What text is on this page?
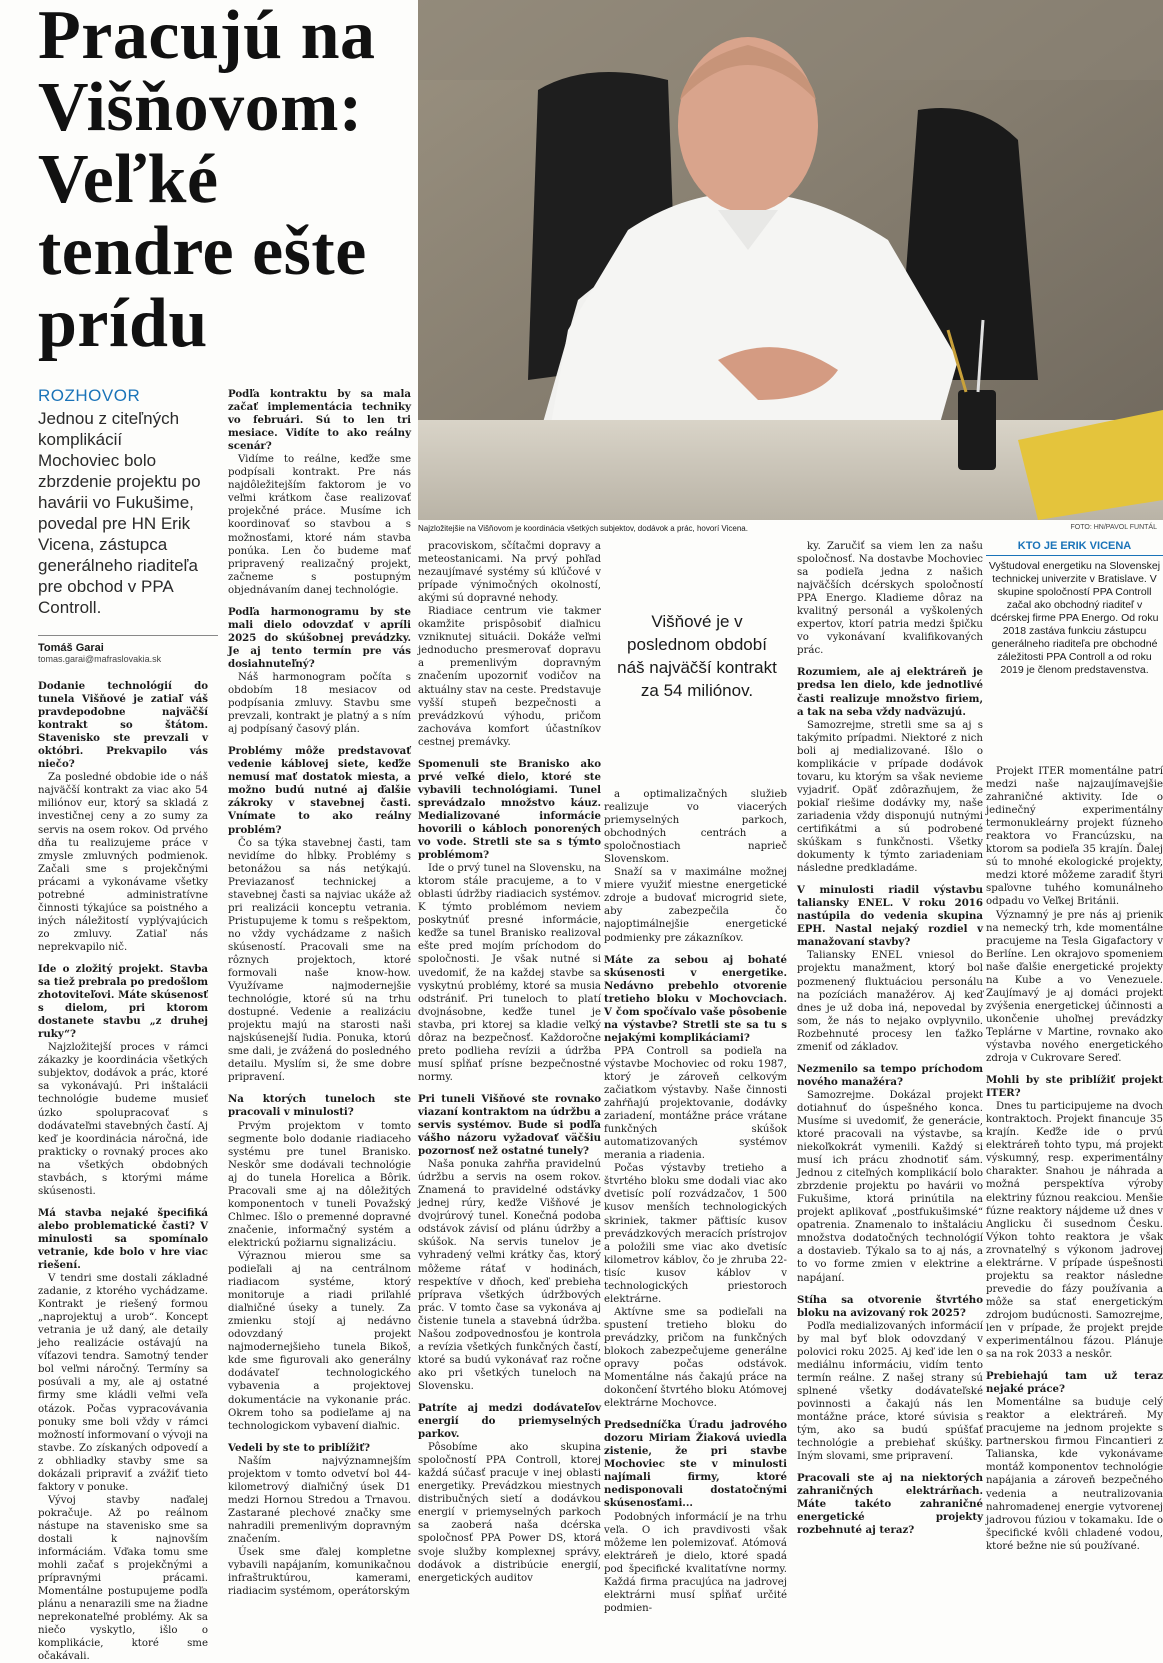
Pracujú na Višňovom: Veľké tendre ešte prídu
ROZHOVOR
Jednou z citeľných komplikácií Mochoviec bolo zbrzdenie projektu po havárii vo Fukušime, povedal pre HN Erik Vicena, zástupca generálneho riaditeľa pre obchod v PPA Controll.
Tomáš Garai
tomas.garai@mafraslovakia.sk
Najzložitejšie na Višňovom je koordinácia všetkých subjektov, dodávok a prác, hovorí Vicena.	FOTO: HN/PAVOL FUNTÁL

Dodanie technológií do tunela Višňové je zatiaľ váš pravdepodobne najväčší kontrakt so štátom. Stavenisko ste prevzali v októbri. Prekvapilo vás niečo?

Za posledné obdobie ide o náš najväčší kontrakt za viac ako 54 miliónov eur, ktorý sa skladá z investičnej ceny a zo sumy za servis na osem rokov. Od prvého dňa tu realizujeme práce v zmysle zmluvných podmienok. Začali sme s projekčnými prácami a vykonávame všetky potrebné administratívne činnosti týkajúce sa poistného a iných náležitostí vyplývajúcich zo zmluvy. Zatiaľ nás neprekvapilo nič.

Ide o zložitý projekt. Stavba sa tiež prebrala po predošlom zhotoviteľovi. Máte skúsenosť s dielom, pri ktorom dostanete stavbu „z druhej ruky“?

Najzložitejší proces v rámci zákazky je koordinácia všetkých subjektov, dodávok a prác, ktoré sa vykonávajú. Pri inštalácii technológie budeme musieť úzko spolupracovať s dodávateľmi stavebných častí. Aj keď je koordinácia náročná, ide prakticky o rovnaký proces ako na všetkých obdobných stavbách, s ktorými máme skúsenosti.

Má stavba nejaké špecifiká alebo problematické časti? V minulosti sa spomínalo vetranie, kde bolo v hre viac riešení.

V tendri sme dostali základné zadanie, z ktorého vychádzame. Kontrakt je riešený formou „naprojektuj a urob“. Koncept vetrania je už daný, ale detaily jeho realizácie ostávajú na víťazovi tendra. Samotný tender bol veľmi náročný. Termíny sa posúvali a my, ale aj ostatné firmy sme kládli veľmi veľa otázok. Počas vypracovávania ponuky sme boli vždy v rámci možností informovaní o vývoji na stavbe. Zo získaných odpovedí a z obhliadky stavby sme sa dokázali pripraviť a zvážiť tieto faktory v ponuke.

Vývoj stavby naďalej pokračuje. Až po reálnom nástupe na stavenisko sme sa dostali k najnovším informáciám. Vďaka tomu sme mohli začať s projekčnými a prípravnými prácami. Momentálne postupujeme podľa plánu a nenarazili sme na žiadne neprekonateľné problémy. Ak sa niečo vyskytlo, išlo o komplikácie, ktoré sme očakávali.

Podľa kontraktu by sa mala začať implementácia techniky vo februári. Sú to len tri mesiace. Vidíte to ako reálny scenár?

Vidíme to reálne, keďže sme podpísali kontrakt. Pre nás najdôležitejším faktorom je vo veľmi krátkom čase realizovať projekčné práce. Musíme ich koordinovať so stavbou a s možnosťami, ktoré nám stavba ponúka. Len čo budeme mať pripravený realizačný projekt, začneme s postupným objednávaním danej technológie.

Podľa harmonogramu by ste mali dielo odovzdať v apríli 2025 do skúšobnej prevádzky. Je aj tento termín pre vás dosiahnuteľný?

Náš harmonogram počíta s obdobím 18 mesiacov od podpísania zmluvy. Stavbu sme prevzali, kontrakt je platný a s ním aj podpísaný časový plán.

Problémy môže predstavovať vedenie káblovej siete, keďže nemusí mať dostatok miesta, a možno budú nutné aj ďalšie zákroky v stavebnej časti. Vnímate to ako reálny problém?

Čo sa týka stavebnej časti, tam nevidíme do hĺbky. Problémy s betonážou sa nás netýkajú. Previazanosť technickej a stavebnej časti sa najviac ukáže až pri realizácii konceptu vetrania. Pristupujeme k tomu s rešpektom, no vždy vychádzame z našich skúseností. Pracovali sme na rôznych projektoch, ktoré formovali naše know-how. Využívame najmodernejšie technológie, ktoré sú na trhu dostupné. Vedenie a realizáciu projektu majú na starosti naši najskúsenejší ľudia. Ponuka, ktorú sme dali, je zvážená do posledného detailu. Myslím si, že sme dobre pripravení.

Na ktorých tuneloch ste pracovali v minulosti?

Prvým projektom v tomto segmente bolo dodanie riadiaceho systému pre tunel Branisko. Neskôr sme dodávali technológie aj do tunela Horelica a Bôrik. Pracovali sme aj na dôležitých komponentoch v tuneli Považský Chlmec. Išlo o premenné dopravné značenie, informačný systém a elektrickú požiarnu signalizáciu.

Výraznou mierou sme sa podieľali aj na centrálnom riadiacom systéme, ktorý monitoruje a riadi priľahlé diaľničné úseky a tunely. Za zmienku stojí aj nedávno odovzdaný projekt najmodernejšieho tunela Bikoš, kde sme figurovali ako generálny dodávateľ technologického vybavenia a projektovej dokumentácie na vykonanie prác. Okrem toho sa podieľame aj na technologickom vybavení diaľnic.

Vedeli by ste to priblížiť?

Naším najvýznamnejším projektom v tomto odvetví bol 44-kilometrový diaľničný úsek D1 medzi Hornou Stredou a Trnavou. Zastarané plechové značky sme nahradili premenlivým dopravným značením.

Úsek sme ďalej kompletne vybavili napájaním, komunikačnou infraštruktúrou, kamerami, riadiacim systémom, operátorským

pracoviskom, sčítačmi dopravy a meteostanicami. Na prvý pohľad nezaujímavé systémy sú kľúčové v prípade výnimočných okolností, akými sú dopravné nehody.

Riadiace centrum vie takmer okamžite prispôsobiť diaľnicu vzniknutej situácii. Dokáže veľmi jednoducho presmerovať dopravu a premenlivým dopravným značením upozorniť vodičov na aktuálny stav na ceste. Predstavuje vyšší stupeň bezpečnosti a prevádzkovú výhodu, pričom zachováva komfort účastníkov cestnej premávky.

Spomenuli ste Branisko ako prvé veľké dielo, ktoré ste vybavili technológiami. Tunel sprevádzalo množstvo káuz. Medializované informácie hovorili o kábloch ponorených vo vode. Stretli ste sa s týmto problémom?

Ide o prvý tunel na Slovensku, na ktorom stále pracujeme, a to v oblasti údržby riadiacich systémov. K týmto problémom neviem poskytnúť presné informácie, keďže sa tunel Branisko realizoval ešte pred mojím príchodom do spoločnosti. Je však nutné si uvedomiť, že na každej stavbe sa vyskytnú problémy, ktoré sa musia odstrániť. Pri tuneloch to platí dvojnásobne, keďže tunel je stavba, pri ktorej sa kladie veľký dôraz na bezpečnosť. Každoročne preto podlieha revízii a údržba musí spĺňať prísne bezpečnostné normy.

Pri tuneli Višňové ste rovnako viazaní kontraktom na údržbu a servis systémov. Bude si podľa vášho názoru vyžadovať väčšiu pozornosť než ostatné tunely?

Naša ponuka zahŕňa pravidelnú údržbu a servis na osem rokov. Znamená to pravidelné odstávky jednej rúry, keďže Višňové je dvojrúrový tunel. Konečná podoba odstávok závisí od plánu údržby a skúšok. Na servis tunelov je vyhradený veľmi krátky čas, ktorý môžeme rátať v hodinách, respektíve v dňoch, keď prebieha príprava všetkých údržbových prác. V tomto čase sa vykonáva aj čistenie tunela a stavebná údržba. Našou zodpovednosťou je kontrola a revízia všetkých funkčných častí, ktoré sa budú vykonávať raz ročne ako pri všetkých tuneloch na Slovensku.

Patríte aj medzi dodávateľov energií do priemyselných parkov.

Pôsobíme ako skupina spoločností PPA Controll, ktorej každá súčasť pracuje v inej oblasti energetiky. Prevádzkou miestnych distribučných sietí a dodávkou energií v priemyselných parkoch sa zaoberá naša dcérska spoločnosť PPA Power DS, ktorá svoje služby komplexnej správy, dodávok a distribúcie energií, energetických auditov

a optimalizačných služieb realizuje vo viacerých priemyselných parkoch, obchodných centrách a spoločnostiach naprieč Slovenskom.

Snaží sa v maximálne možnej miere využiť miestne energetické zdroje a budovať microgrid siete, aby zabezpečila čo najoptimálnejšie energetické podmienky pre zákazníkov.

Máte za sebou aj bohaté skúsenosti v energetike. Nedávno prebehlo otvorenie tretieho bloku v Mochovciach. V čom spočívalo vaše pôsobenie na výstavbe? Stretli ste sa tu s nejakými komplikáciami?

PPA Controll sa podieľa na výstavbe Mochoviec od roku 1987, ktorý je zároveň celkovým začiatkom výstavby. Naše činnosti zahŕňajú projektovanie, dodávky zariadení, montážne práce vrátane funkčných skúšok automatizovaných systémov merania a riadenia.

Počas výstavby tretieho a štvrtého bloku sme dodali viac ako dvetisíc polí rozvádzačov, 1 500 kusov menších technologických skriniek, takmer päťtisíc kusov prevádzkových meracích prístrojov a položili sme viac ako dvetisíc kilometrov káblov, čo je zhruba 22-tisíc kusov káblov v technologických priestoroch elektrárne.

Aktívne sme sa podieľali na spustení tretieho bloku do prevádzky, pričom na funkčných blokoch zabezpečujeme generálne opravy počas odstávok. Momentálne nás čakajú práce na dokončení štvrtého bloku Atómovej elektrárne Mochovce.

Predsedníčka Úradu jadrového dozoru Miriam Žiaková uviedla zistenie, že pri stavbe Mochoviec ste v minulosti najímali firmy, ktoré nedisponovali dostatočnými skúsenosťami...

Podobných informácií je na trhu veľa. O ich pravdivosti však môžeme len polemizovať. Atómová elektráreň je dielo, ktoré spadá pod špecifické kvalitatívne normy. Každá firma pracujúca na jadrovej elektrárni musí spĺňať určité podmien-

ky. Zaručiť sa viem len za našu spoločnosť. Na dostavbe Mochoviec sa podieľa jedna z našich najväčších dcérskych spoločností PPA Energo. Kladieme dôraz na kvalitný personál a vyškolených expertov, ktorí patria medzi špičku vo vykonávaní kvalifikovaných prác.

Rozumiem, ale aj elektráreň je predsa len dielo, kde jednotlivé časti realizuje množstvo firiem, a tak na seba vždy nadväzujú.

Samozrejme, stretli sme sa aj s takýmito prípadmi. Niektoré z nich boli aj medializované. Išlo o komplikácie v prípade dodávok tovaru, ku ktorým sa však nevieme vyjadriť. Opäť zdôrazňujem, že pokiaľ riešime dodávky my, naše zariadenia vždy disponujú nutnými certifikátmi a sú podrobené skúškam s funkčnosti. Všetky dokumenty k týmto zariadeniam následne predkladáme.

V minulosti riadil výstavbu taliansky ENEL. V roku 2016 nastúpila do vedenia skupina EPH. Nastal nejaký rozdiel v manažovaní stavby?

Taliansky ENEL vniesol do projektu manažment, ktorý bol pozmenený fluktuáciou personálu na pozíciách manažérov. Aj keď dnes je už doba iná, nepovedal by som, že nás to nejako ovplyvnilo. Rozbehnuté procesy len ťažko zmeniť od základov.

Nezmenilo sa tempo príchodom nového manažéra?

Samozrejme. Dokázal projekt dotiahnuť do úspešného konca. Musíme si uvedomiť, že generácie, ktoré pracovali na výstavbe, sa niekoľkokrát vymenili. Každý si musí ich prácu zhodnotiť sám. Jednou z citeľných komplikácií bolo zbrzdenie projektu po havárii vo Fukušime, ktorá prinútila na projekt aplikovať „postfukušimské“ opatrenia. Znamenalo to inštaláciu množstva dodatočných technológií a dostavieb. Týkalo sa to aj nás, a to vo forme zmien v elektrine a napájaní.

Stíha sa otvorenie štvrtého bloku na avizovaný rok 2025?

Podľa medializovaných informácií by mal byť blok odovzdaný v polovici roku 2025. Aj keď ide len o mediálnu informáciu, vidím tento termín reálne. Z našej strany sú splnené všetky dodávateľské povinnosti a čakajú nás len montážne práce, ktoré súvisia s tým, ako sa budú spúšťať technológie a prebiehať skúšky. Iným slovami, sme pripravení.

Pracovali ste aj na niektorých zahraničných elektrárňach. Máte takéto zahraničné energetické projekty rozbehnuté aj teraz?

Projekt ITER momentálne patrí medzi naše najzaujímavejšie zahraničné aktivity. Ide o jedinečný experimentálny termonukleárny projekt fúzneho reaktora vo Francúzsku, na ktorom sa podieľa 35 krajín. Ďalej sú to mnohé ekologické projekty, medzi ktoré môžeme zaradiť štyri spaľovne tuhého komunálneho odpadu vo Veľkej Británii.

Významný je pre nás aj prienik na nemecký trh, kde momentálne pracujeme na Tesla Gigafactory v Berlíne. Len okrajovo spomeniem naše ďalšie energetické projekty na Kube a vo Venezuele. Zaujímavý je aj domáci projekt zvýšenia energetickej účinnosti a ukončenie uhoľnej prevádzky Teplárne v Martine, rovnako ako výstavba nového energetického zdroja v Cukrovare Sereď.

Mohli by ste priblížiť projekt ITER?

Dnes tu participujeme na dvoch kontraktoch. Projekt financuje 35 krajín. Keďže ide o prvú elektráreň tohto typu, má projekt výskumný, resp. experimentálny charakter. Snahou je náhrada a možná perspektíva výroby elektriny fúznou reakciou. Menšie fúzne reaktory nájdeme už dnes v Anglicku či susednom Česku. Výkon tohto reaktora je však zrovnateľný s výkonom jadrovej elektrárne. V prípade úspešnosti projektu sa reaktor následne prevedie do fázy používania a môže sa stať energetickým zdrojom budúcnosti. Samozrejme, len v prípade, že projekt prejde experimentálnou fázou. Plánuje sa na rok 2033 a neskôr.

Prebiehajú tam už teraz nejaké práce?

Momentálne sa buduje celý reaktor a elektráreň. My pracujeme na jednom projekte s partnerskou firmou Fincantieri z Talianska, kde vykonávame montáž komponentov technológie napájania a zároveň bezpečného vedenia a neutralizovania nahromadenej energie vytvorenej jadrovou fúziou v tokamaku. Ide o špecifické kvôli chladené vodou, ktoré bežne nie sú používané.

Višňové je v poslednom období náš najväčší kontrakt za 54 miliónov.
KTO JE ERIK VICENA
Vyštudoval energetiku na Slovenskej technickej univerzite v Bratislave. V skupine spoločností PPA Controll začal ako obchodný riaditeľ v dcérskej firme PPA Energo. Od roku 2018 zastáva funkciu zástupcu generálneho riaditeľa pre obchodné záležitosti PPA Controll a od roku 2019 je členom predstavenstva.
